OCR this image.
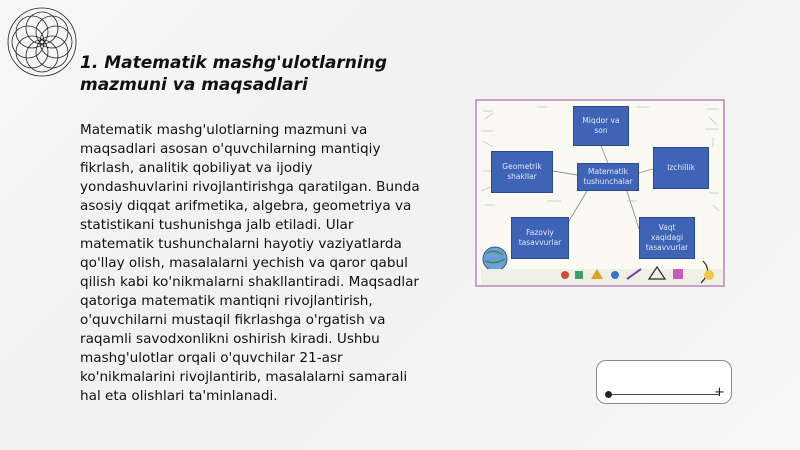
1. Matematik mashg'ulotlarning mazmuni va maqsadlari
Matematik mashg'ulotlarning mazmuni va maqsadlari asosan o'quvchilarning mantiqiy fikrlash, analitik qobiliyat va ijodiy yondashuvlarini rivojlantirishga qaratilgan. Bunda asosiy diqqat arifmetika, algebra, geometriya va statistikani tushunishga jalb etiladi. Ular matematik tushunchalarni hayotiy vaziyatlarda qo'llay olish, masalalarni yechish va qaror qabul qilish kabi ko'nikmalarni shakllantiradi. Maqsadlar qatoriga matematik mantiqni rivojlantirish, o'quvchilarni mustaqil fikrlashga o'rgatish va raqamli savodxonlikni oshirish kiradi. Ushbu mashg'ulotlar orqali o'quvchilar 21-asr ko'nikmalarini rivojlantirib, masalalarni samarali hal eta olishlari ta'minlanadi.
Miqdor va son
Geometrik shakllar
Matematik tushunchalar
Izchillik
Fazoviy tasavvurlar
Vaqt xaqidagi tasavvurlar
+
